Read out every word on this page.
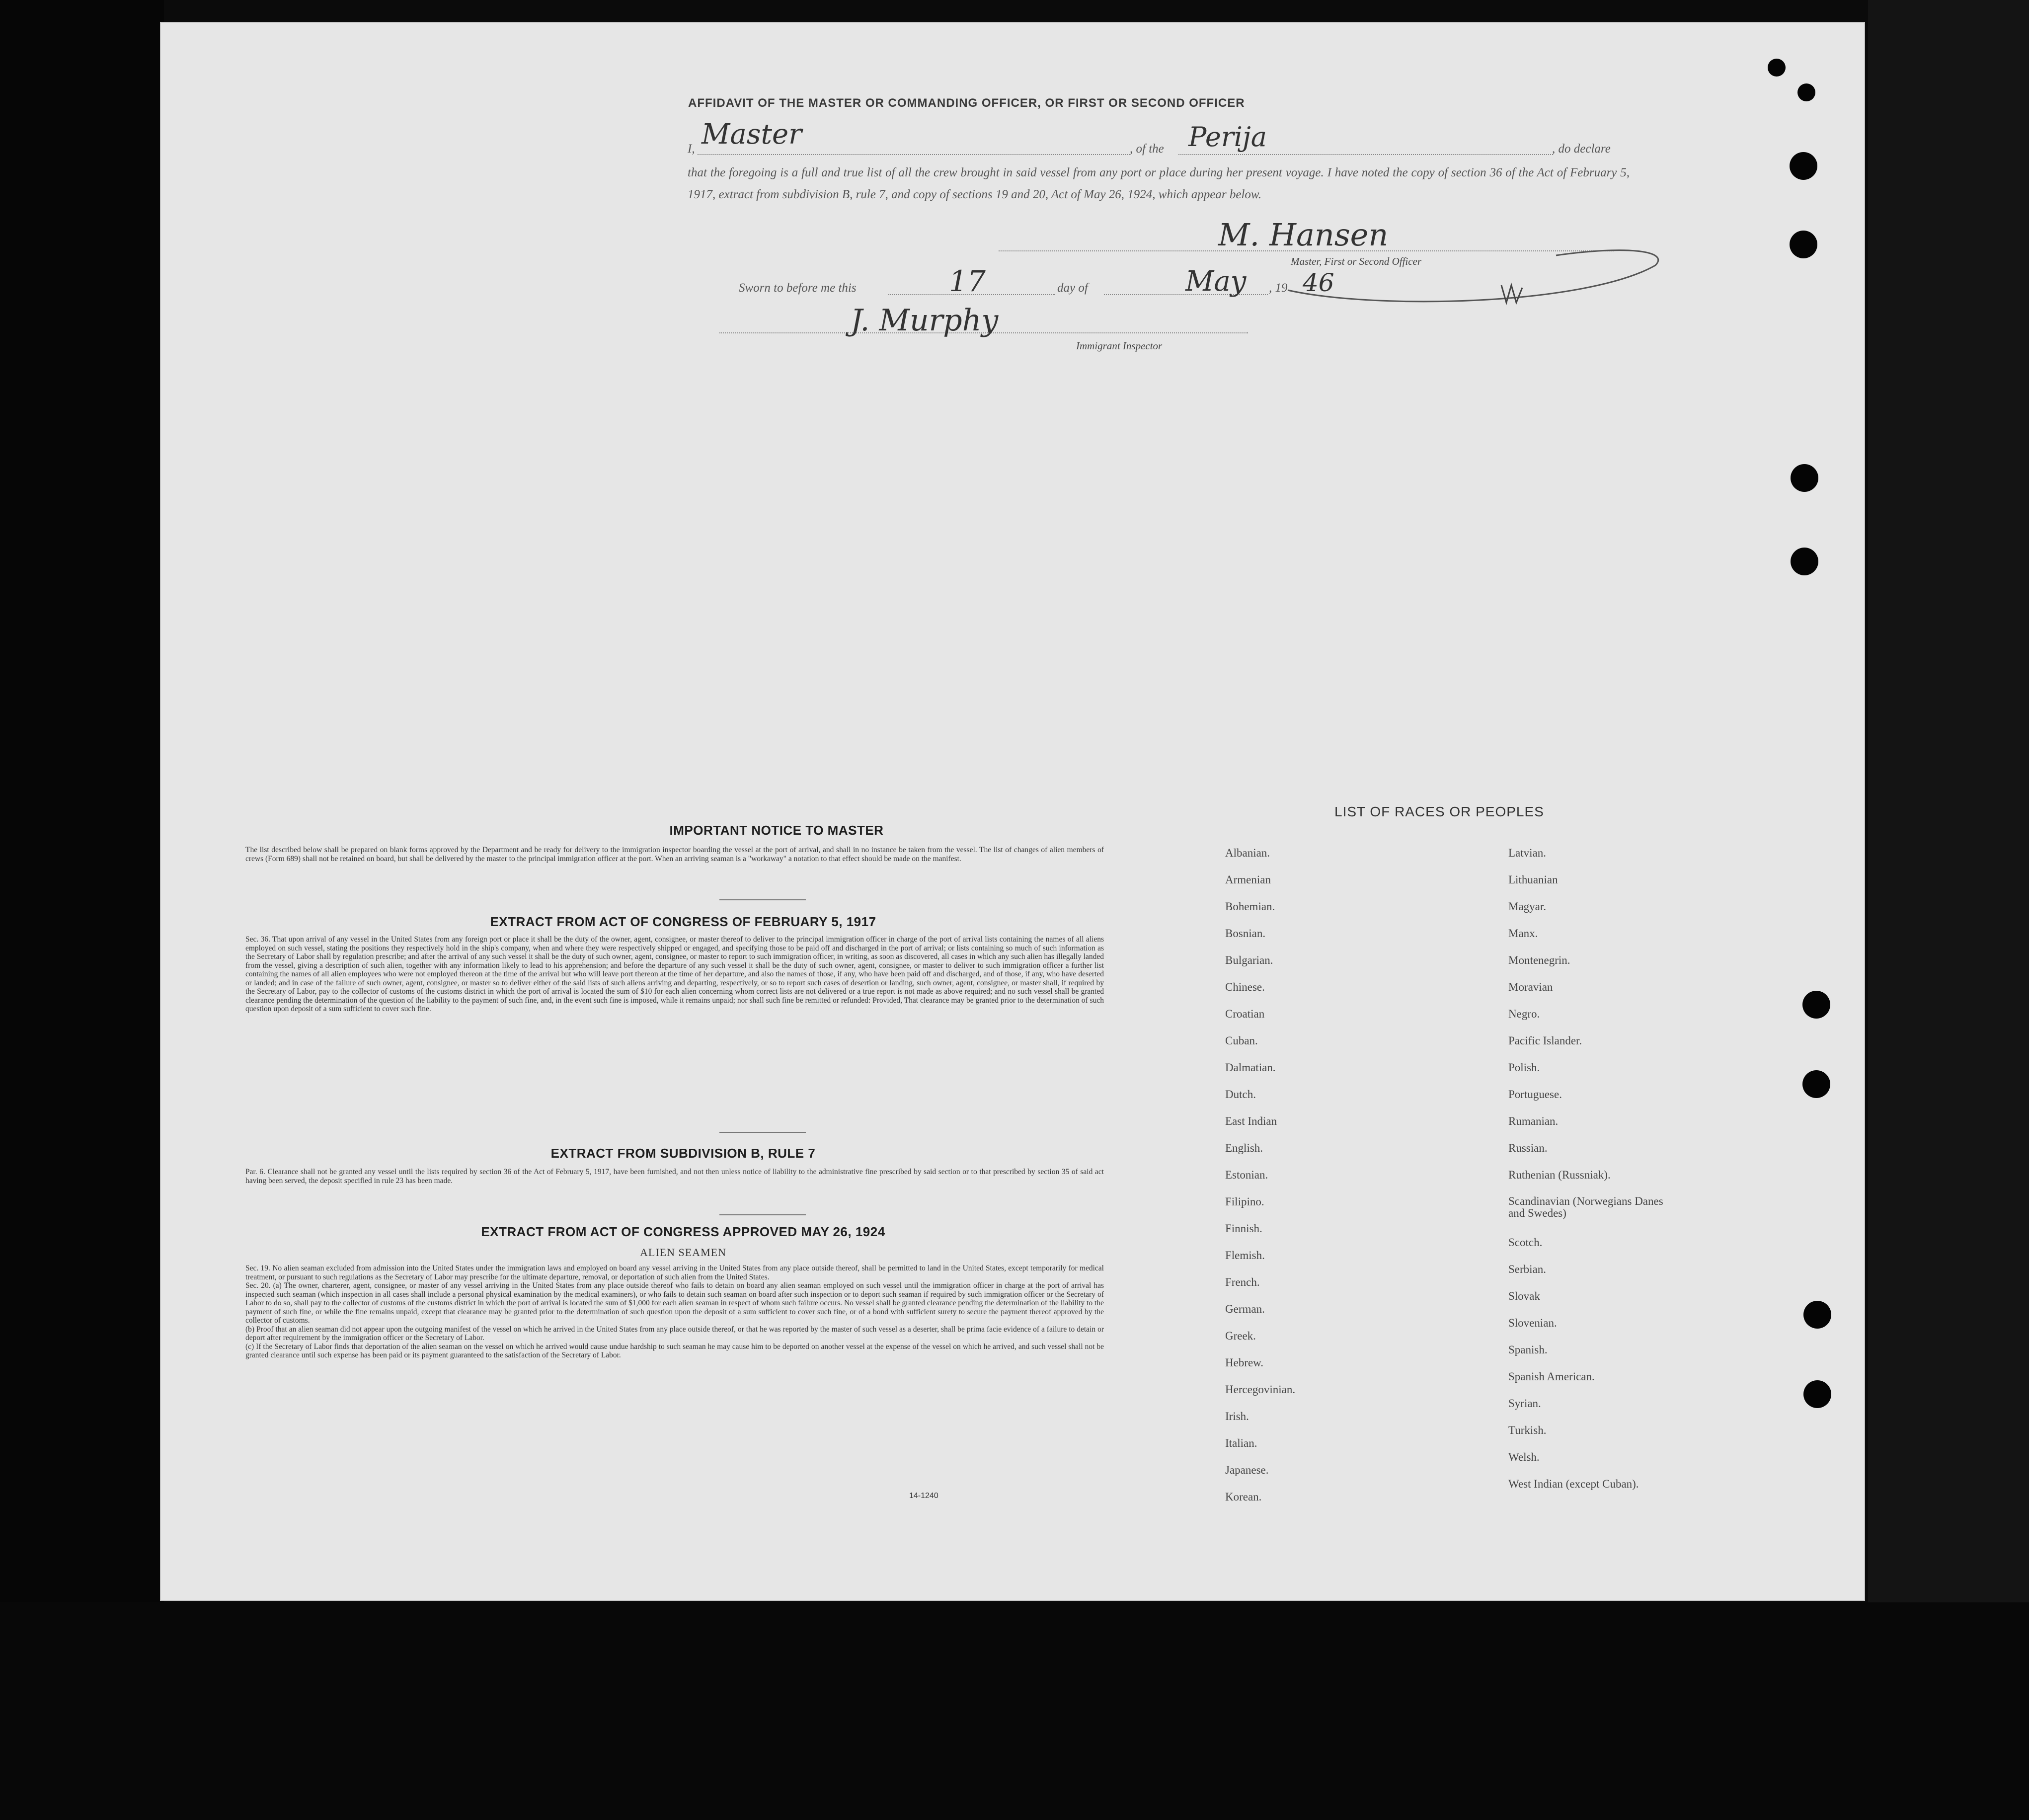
AFFIDAVIT OF THE MASTER OR COMMANDING OFFICER, OR FIRST OR SECOND OFFICER
I, Master	, of the Perija	, do declare
that the foregoing is a full and true list of all the crew brought in said vessel from any port or place during her present voyage. I have noted the copy of section 36 of the Act of February 5, 1917, extract from subdivision B, rule 7, and copy of sections 19 and 20, Act of May 26, 1924, which appear below.
M. Hansen
Master, First or Second Officer
Sworn to before me this	17	day of	May , 19 46
J. Murphy
Immigrant Inspector
IMPORTANT NOTICE TO MASTER
The list described below shall be prepared on blank forms approved by the Department and be ready for delivery to the immigration inspector boarding the vessel at the port of arrival, and shall in no instance be taken from the vessel. The list of changes of alien members of crews (Form 689) shall not be retained on board, but shall be delivered by the master to the principal immigration officer at the port. When an arriving seaman is a "workaway" a notation to that effect should be made on the manifest.
EXTRACT FROM ACT OF CONGRESS OF FEBRUARY 5, 1917
Sec. 36. That upon arrival of any vessel in the United States from any foreign port or place it shall be the duty of the owner, agent, consignee, or master thereof to deliver to the principal immigration officer in charge of the port of arrival lists containing the names of all aliens employed on such vessel, stating the positions they respectively hold in the ship's company, when and where they were respectively shipped or engaged, and specifying those to be paid off and discharged in the port of arrival; or lists containing so much of such information as the Secretary of Labor shall by regulation prescribe; and after the arrival of any such vessel it shall be the duty of such owner, agent, consignee, or master to report to such immigration officer, in writing, as soon as discovered, all cases in which any such alien has illegally landed from the vessel, giving a description of such alien, together with any information likely to lead to his apprehension; and before the departure of any such vessel it shall be the duty of such owner, agent, consignee, or master to deliver to such immigration officer a further list containing the names of all alien employees who were not employed thereon at the time of the arrival but who will leave port thereon at the time of her departure, and also the names of those, if any, who have been paid off and discharged, and of those, if any, who have deserted or landed; and in case of the failure of such owner, agent, consignee, or master so to deliver either of the said lists of such aliens arriving and departing, respectively, or so to report such cases of desertion or landing, such owner, agent, consignee, or master shall, if required by the Secretary of Labor, pay to the collector of customs of the customs district in which the port of arrival is located the sum of $10 for each alien concerning whom correct lists are not delivered or a true report is not made as above required; and no such vessel shall be granted clearance pending the determination of the question of the liability to the payment of such fine, and, in the event such fine is imposed, while it remains unpaid; nor shall such fine be remitted or refunded: Provided, That clearance may be granted prior to the determination of such question upon deposit of a sum sufficient to cover such fine.
EXTRACT FROM SUBDIVISION B, RULE 7
Par. 6. Clearance shall not be granted any vessel until the lists required by section 36 of the Act of February 5, 1917, have been furnished, and not then unless notice of liability to the administrative fine prescribed by said section or to that prescribed by section 35 of said act having been served, the deposit specified in rule 23 has been made.
EXTRACT FROM ACT OF CONGRESS APPROVED MAY 26, 1924
ALIEN SEAMEN
Sec. 19. No alien seaman excluded from admission into the United States under the immigration laws and employed on board any vessel arriving in the United States from any place outside thereof, shall be permitted to land in the United States, except temporarily for medical treatment, or pursuant to such regulations as the Secretary of Labor may prescribe for the ultimate departure, removal, or deportation of such alien from the United States.
Sec. 20. (a) The owner, charterer, agent, consignee, or master of any vessel arriving in the United States from any place outside thereof who fails to detain on board any alien seaman employed on such vessel until the immigration officer in charge at the port of arrival has inspected such seaman (which inspection in all cases shall include a personal physical examination by the medical examiners), or who fails to detain such seaman on board after such inspection or to deport such seaman if required by such immigration officer or the Secretary of Labor to do so, shall pay to the collector of customs of the customs district in which the port of arrival is located the sum of $1,000 for each alien seaman in respect of whom such failure occurs. No vessel shall be granted clearance pending the determination of the liability to the payment of such fine, or while the fine remains unpaid, except that clearance may be granted prior to the determination of such question upon the deposit of a sum sufficient to cover such fine, or of a bond with sufficient surety to secure the payment thereof approved by the collector of customs.
(b) Proof that an alien seaman did not appear upon the outgoing manifest of the vessel on which he arrived in the United States from any place outside thereof, or that he was reported by the master of such vessel as a deserter, shall be prima facie evidence of a failure to detain or deport after requirement by the immigration officer or the Secretary of Labor.
(c) If the Secretary of Labor finds that deportation of the alien seaman on the vessel on which he arrived would cause undue hardship to such seaman he may cause him to be deported on another vessel at the expense of the vessel on which he arrived, and such vessel shall not be granted clearance until such expense has been paid or its payment guaranteed to the satisfaction of the Secretary of Labor.
14-1240
LIST OF RACES OR PEOPLES
Albanian.
Armenian
Bohemian.
Bosnian.
Bulgarian.
Chinese.
Croatian
Cuban.
Dalmatian.
Dutch.
East Indian
English.
Estonian.
Filipino.
Finnish.
Flemish.
French.
German.
Greek.
Hebrew.
Hercegovinian.
Irish.
Italian.
Japanese.
Korean.
Latvian.
Lithuanian
Magyar.
Manx.
Montenegrin.
Moravian
Negro.
Pacific Islander.
Polish.
Portuguese.
Rumanian.
Russian.
Ruthenian (Russniak).
Scandinavian (Norwegians Danes and Swedes)
Scotch.
Serbian.
Slovak
Slovenian.
Spanish.
Spanish American.
Syrian.
Turkish.
Welsh.
West Indian (except Cuban).
